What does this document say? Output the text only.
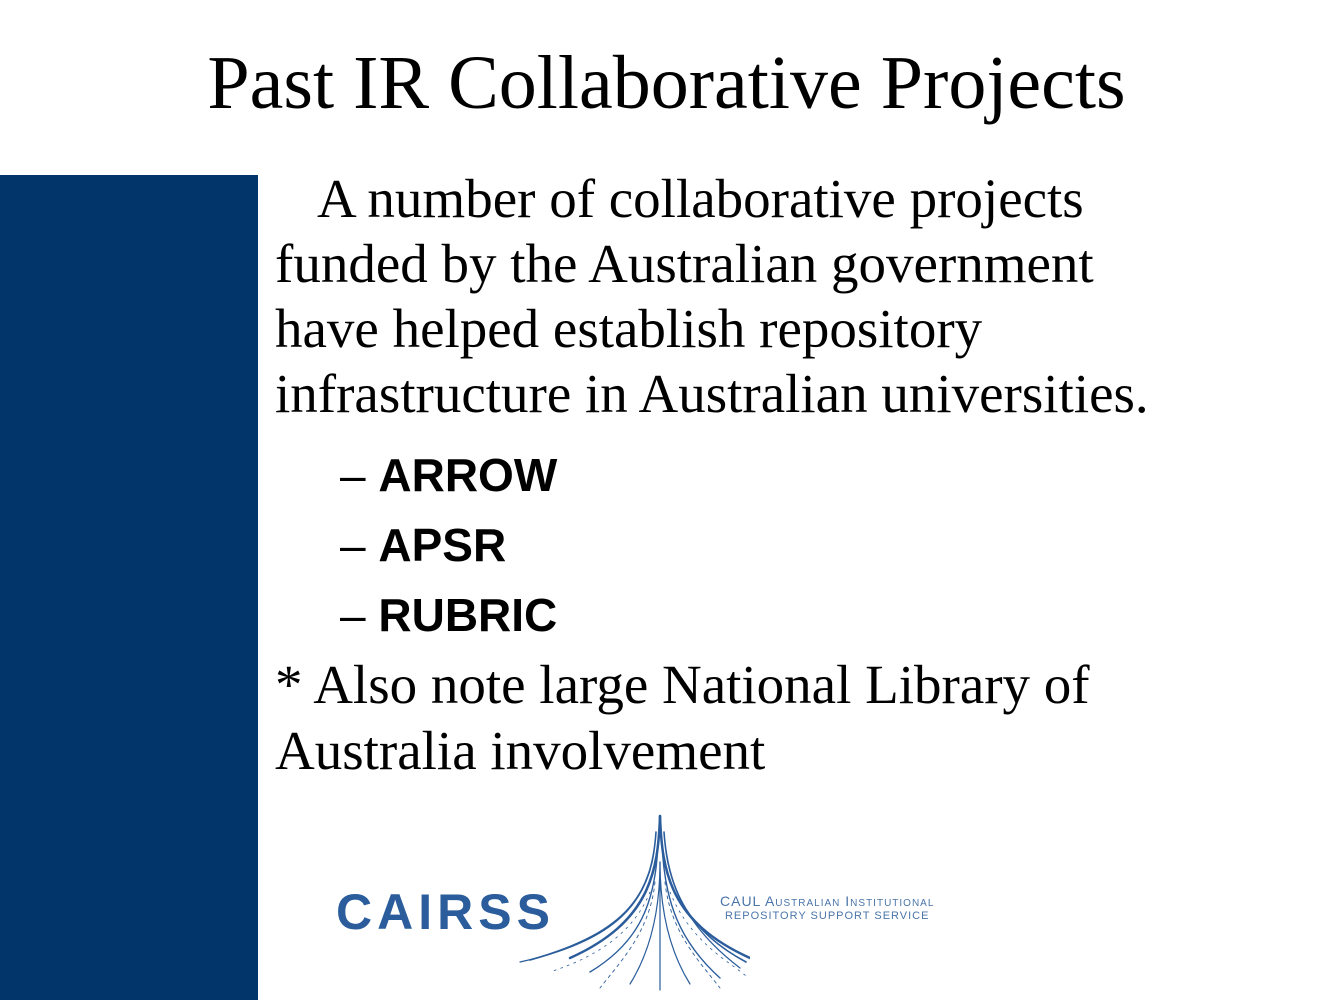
Past IR Collaborative Projects

A number of collaborative projects
funded by the Australian government
have helped establish repository
infrastructure in Australian universities.

– ARROW
– APSR
– RUBRIC

* Also note large National Library of
Australia involvement

CAIRSS	CAUL Australian Institutional
REPOSITORY SUPPORT SERVICE
